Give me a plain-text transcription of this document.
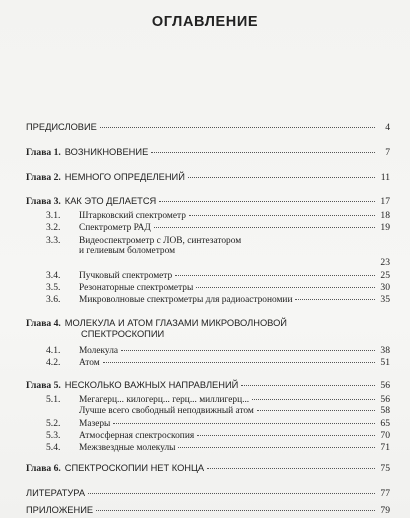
ОГЛАВЛЕНИЕ
ПРЕДИСЛОВИЕ	4
Глава 1. ВОЗНИКНОВЕНИЕ	7
Глава 2. НЕМНОГО ОПРЕДЕЛЕНИЙ	11
Глава 3. КАК ЭТО ДЕЛАЕТСЯ	17
3.1.	Штарковский спектрометр	18
3.2.	Спектрометр РАД	19
3.3.	Видеоспектрометр с ЛОВ, синтезатором
и гелиевым болометром
23
3.4.	Пучковый спектрометр	25
3.5.	Резонаторные спектрометры	30
3.6.	Микроволновые спектрометры для радиоастрономии	35
Глава 4. МОЛЕКУЛА И АТОМ ГЛАЗАМИ МИКРОВОЛНОВОЙ
СПЕКТРОСКОПИИ
4.1.	Молекула	38
4.2.	Атом	51
Глава 5. НЕСКОЛЬКО ВАЖНЫХ НАПРАВЛЕНИЙ	56
5.1.	Мегагерц... килогерц... герц... миллигерц...	56
Лучше всего свободный неподвижный атом	58
5.2.	Мазеры	65
5.3.	Атмосферная спектроскопия	70
5.4.	Межзвездные молекулы	71
Глава 6. СПЕКТРОСКОПИИ НЕТ КОНЦА	75
ЛИТЕРАТУРА	77
ПРИЛОЖЕНИЕ	79
